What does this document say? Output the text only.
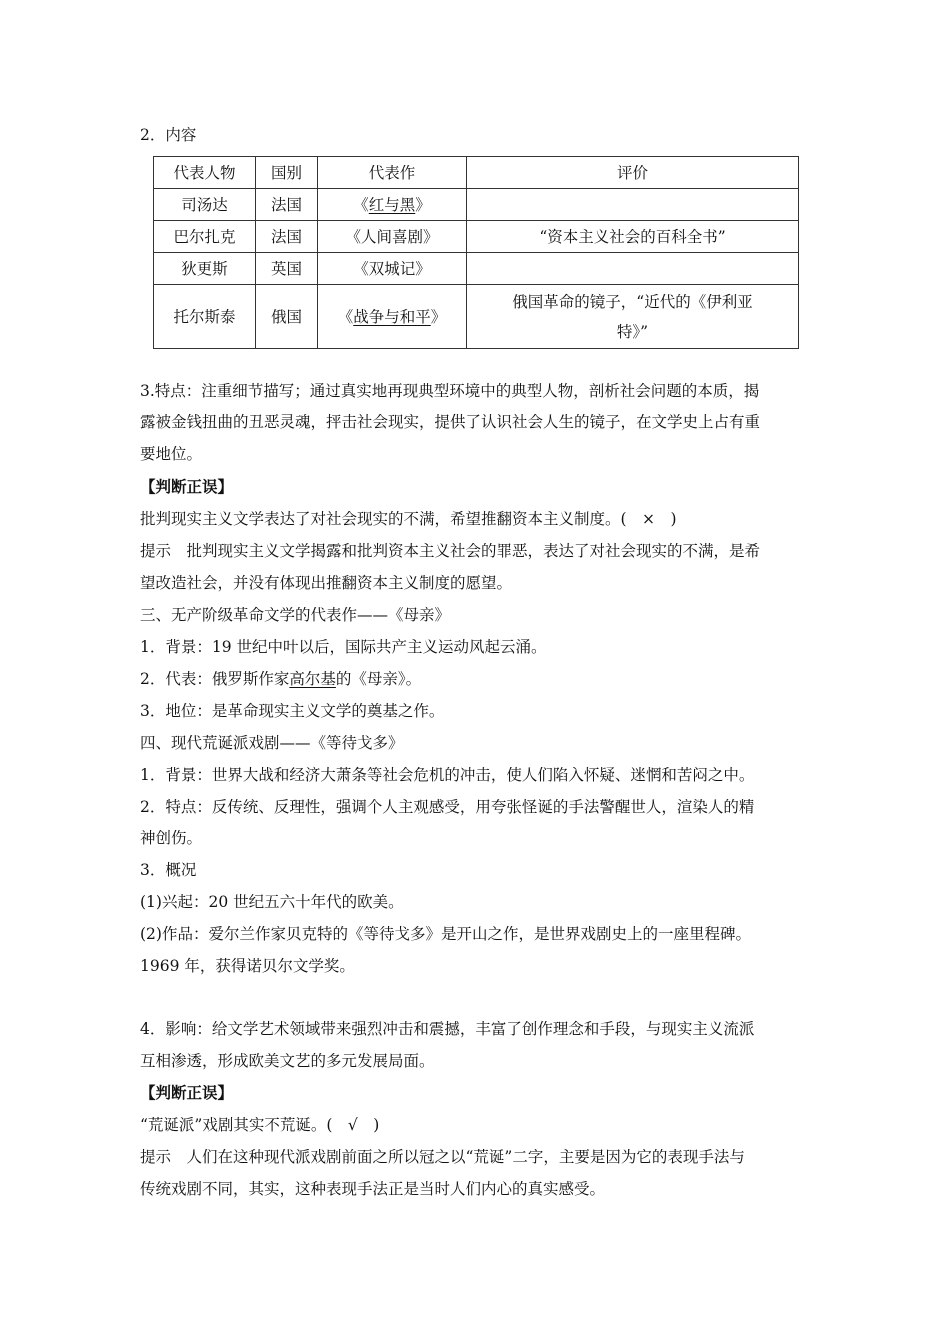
2．内容
代表人物	国别	代表作	评价
司汤达	法国	《红与黑》	
巴尔扎克	法国	《人间喜剧》	“资本主义社会的百科全书”
狄更斯	英国	《双城记》	
托尔斯泰	俄国	《战争与和平》	俄国革命的镜子，“近代的《伊利亚
特》”
3.特点：注重细节描写；通过真实地再现典型环境中的典型人物，剖析社会问题的本质，揭
露被金钱扭曲的丑恶灵魂，抨击社会现实，提供了认识社会人生的镜子，在文学史上占有重
要地位。
【判断正误】
批判现实主义文学表达了对社会现实的不满，希望推翻资本主义制度。(　×　)
提示　批判现实主义文学揭露和批判资本主义社会的罪恶，表达了对社会现实的不满，是希
望改造社会，并没有体现出推翻资本主义制度的愿望。
三、无产阶级革命文学的代表作——《母亲》
1．背景：19 世纪中叶以后，国际共产主义运动风起云涌。
2．代表：俄罗斯作家高尔基的《母亲》。
3．地位：是革命现实主义文学的奠基之作。
四、现代荒诞派戏剧——《等待戈多》
1．背景：世界大战和经济大萧条等社会危机的冲击，使人们陷入怀疑、迷惘和苦闷之中。
2．特点：反传统、反理性，强调个人主观感受，用夸张怪诞的手法警醒世人，渲染人的精
神创伤。
3．概况
(1)兴起：20 世纪五六十年代的欧美。
(2)作品：爱尔兰作家贝克特的《等待戈多》是开山之作，是世界戏剧史上的一座里程碑。
1969 年，获得诺贝尔文学奖。
4．影响：给文学艺术领域带来强烈冲击和震撼，丰富了创作理念和手段，与现实主义流派
互相渗透，形成欧美文艺的多元发展局面。
【判断正误】
“荒诞派”戏剧其实不荒诞。(　√　)
提示　人们在这种现代派戏剧前面之所以冠之以“荒诞”二字，主要是因为它的表现手法与
传统戏剧不同，其实，这种表现手法正是当时人们内心的真实感受。
